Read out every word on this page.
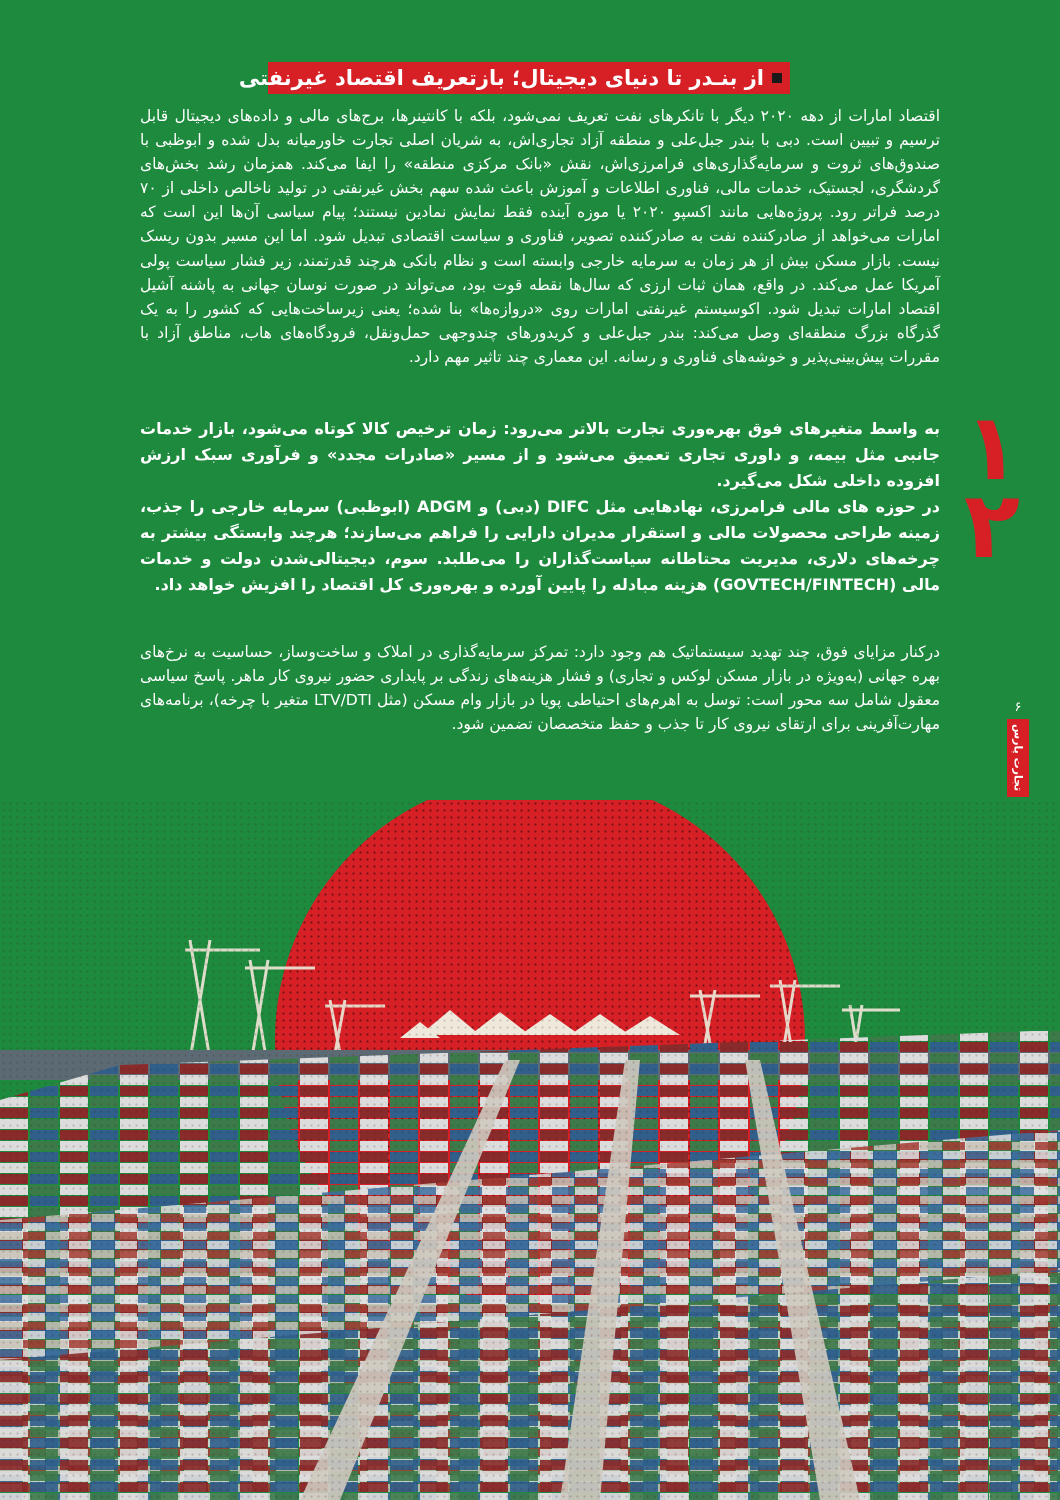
از بنـدر تا دنیای دیجیتال؛ بازتعریف اقتصاد غیرنفتی

اقتصاد امارات از دهه ۲۰۲۰ دیگر با تانکرهای نفت تعریف نمی‌شود، بلکه با کانتینرها، برج‌های مالی و داده‌های دیجیتال قابل ترسیم و تبیین است. دبی با بندر جبل‌علی و منطقه آزاد تجاری‌اش، به شریان اصلی تجارت خاورمیانه بدل شده و ابوظبی با صندوق‌های ثروت و سرمایه‌گذاری‌های فرامرزی‌اش، نقش «بانک مرکزی منطقه» را ایفا می‌کند. همزمان رشد بخش‌های گردشگری، لجستیک، خدمات مالی، فناوری اطلاعات و آموزش باعث شده سهم بخش غیرنفتی در تولید ناخالص داخلی از ۷۰ درصد فراتر رود. پروژه‌هایی مانند اکسپو ۲۰۲۰ یا موزه آینده فقط نمایش نمادین نیستند؛ پیام سیاسی آن‌ها این است که امارات می‌خواهد از صادرکننده نفت به صادرکننده تصویر، فناوری و سیاست اقتصادی تبدیل شود. اما این مسیر بدون ریسک نیست. بازار مسکن بیش از هر زمان به سرمایه خارجی وابسته است و نظام بانکی هرچند قدرتمند، زیر فشار سیاست پولی آمریکا عمل می‌کند. در واقع، همان ثبات ارزی که سال‌ها نقطه قوت بود، می‌تواند در صورت نوسان جهانی به پاشنه آشیل اقتصاد امارات تبدیل شود. اکوسیستم غیرنفتی امارات روی «دروازه‌ها» بنا شده؛ یعنی زیرساخت‌هایی که کشور را به یک گذرگاه بزرگ منطقه‌ای وصل می‌کند: بندر جبل‌علی و کریدورهای چندوجهی حمل‌ونقل، فرودگاه‌های هاب، مناطق آزاد با مقررات پیش‌بینی‌پذیر و خوشه‌های فناوری و رسانه. این معماری چند تاثیر مهم دارد.

به واسط متغیرهای فوق بهره‌وری تجارت بالاتر می‌رود: زمان ترخیص کالا کوتاه می‌شود، بازار خدمات جانبی مثل بیمه، و داوری تجاری تعمیق می‌شود و از مسیر «صادرات مجدد» و فرآوری سبک ارزش افزوده داخلی شکل می‌گیرد.
در حوزه های مالی فرامرزی، نهادهایی مثل DIFC (دبی) و ADGM (ابوظبی) سرمایه خارجی را جذب، زمینه طراحی محصولات مالی و استقرار مدیران دارایی را فراهم می‌سازند؛ هرچند وابستگی بیشتر به چرخه‌های دلاری، مدیریت محتاطانه سیاست‌گذاران را می‌طلبد. سوم، دیجیتالی‌شدن دولت و خدمات مالی (GOVTECH/FINTECH) هزینه مبادله را پایین آورده و بهره‌وری کل اقتصاد را افزیش خواهد داد.
۱
۲

درکنار مزایای فوق، چند تهدید سیستماتیک هم وجود دارد: تمرکز سرمایه‌گذاری در املاک و ساخت‌وساز، حساسیت به نرخ‌های بهره جهانی (به‌ویژه در بازار مسکن لوکس و تجاری) و فشار هزینه‌های زندگی بر پایداری حضور نیروی کار ماهر. پاسخ سیاسی معقول شامل سه محور است: توسل به اهرم‌های احتیاطی پویا در بازار وام مسکن (مثل LTV/DTI متغیر با چرخه)، برنامه‌های مهارت‌آفرینی برای ارتقای نیروی کار تا جذب و حفظ متخصصان تضمین شود.

۶
تجارت پارس
